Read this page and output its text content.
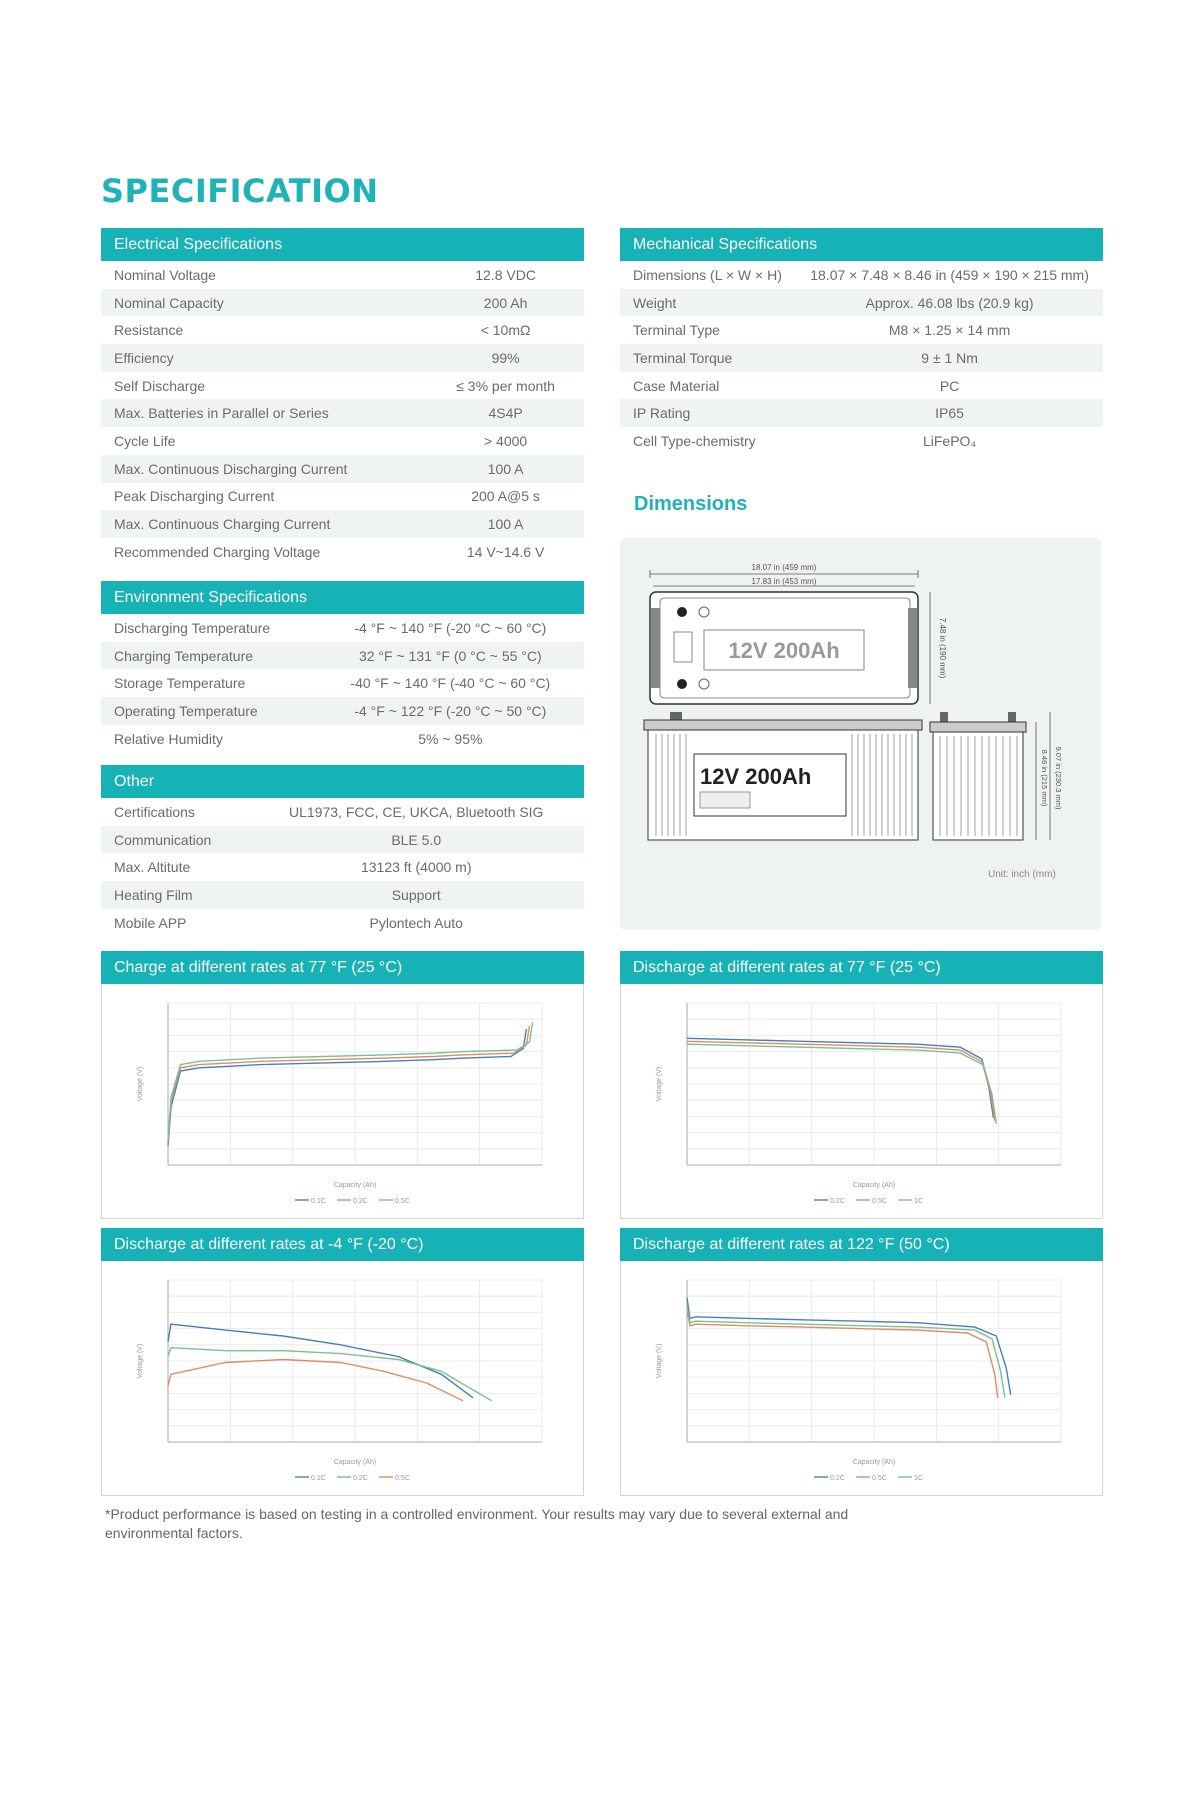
SPECIFICATION
Electrical Specifications
Nominal Voltage	12.8 VDC
Nominal Capacity	200 Ah
Resistance	< 10mΩ
Efficiency	99%
Self Discharge	≤ 3% per month
Max. Batteries in Parallel or Series	4S4P
Cycle Life	> 4000
Max. Continuous Discharging Current	100 A
Peak Discharging Current	200 A@5 s
Max. Continuous Charging Current	100 A
Recommended Charging Voltage	14 V~14.6 V
Environment Specifications
Discharging Temperature	-4 °F ~ 140 °F (-20 °C ~ 60 °C)
Charging Temperature	32 °F ~ 131 °F (0 °C ~ 55 °C)
Storage Temperature	-40 °F ~ 140 °F (-40 °C ~ 60 °C)
Operating Temperature	-4 °F ~ 122 °F (-20 °C ~ 50 °C)
Relative Humidity	5% ~ 95%
Other
Certifications	UL1973, FCC, CE, UKCA, Bluetooth SIG
Communication	BLE 5.0
Max. Altitute	13123 ft (4000 m)
Heating Film	Support
Mobile APP	Pylontech Auto
Mechanical Specifications
Dimensions (L × W × H)	18.07 × 7.48 × 8.46 in (459 × 190 × 215 mm)
Weight	Approx. 46.08 lbs (20.9 kg)
Terminal Type	M8 × 1.25 × 14 mm
Terminal Torque	9 ± 1 Nm
Case Material	PC
IP Rating	IP65
Cell Type-chemistry	LiFePO₄
Dimensions
18.07 in (459 mm)
17.83 in (453 mm)
12V 200Ah	7.48 in (190 mm)
12V 200Ah	8.46 in (215 mm) 9.07 in (230.3 mm)
Unit: inch (mm)
Charge at different rates at 77 °F (25 °C)
Capacity (Ah)
Voltage (V)
0.1C	0.2C	0.5C
Discharge at different rates at 77 °F (25 °C)
Capacity (Ah)
Voltage (V)
0.2C	0.5C	1C
Discharge at different rates at -4 °F (-20 °C)
Capacity (Ah)
Voltage (V)
0.1C	0.2C	0.5C
Discharge at different rates at 122 °F (50 °C)
Capacity (Ah)
Voltage (V)
0.2C	0.5C	1C
*Product performance is based on testing in a controlled environment. Your results may vary due to several external and environmental factors.
